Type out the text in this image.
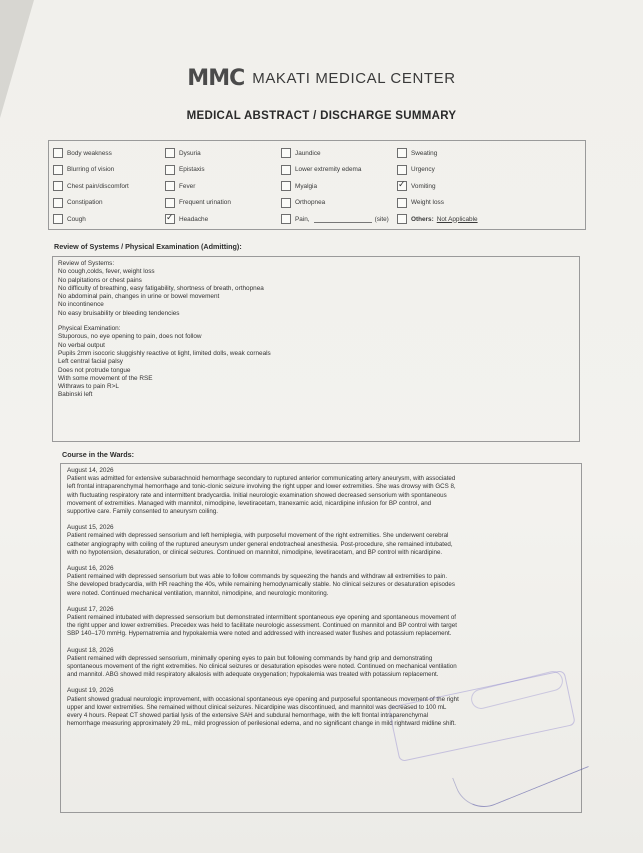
MMC MAKATI MEDICAL CENTER
MEDICAL ABSTRACT / DISCHARGE SUMMARY
Body weakness
Blurring of vision
Chest pain/discomfort
Constipation
Cough
Dysuria
Epistaxis
Fever
Frequent urination
✓
Headache
Jaundice
Lower extremity edema
Myalgia
Orthopnea
Pain,	(site)
Sweating
Urgency
✓
Vomiting
Weight loss
Others: Not Applicable
Review of Systems / Physical Examination (Admitting):
Review of Systems:
No cough,colds, fever, weight loss
No palpitations or chest pains
No difficulty of breathing, easy fatigability, shortness of breath, orthopnea
No abdominal pain, changes in urine or bowel movement
No incontinence
No easy bruisability or bleeding tendencies
Physical Examination:
Stuporous, no eye opening to pain, does not follow
No verbal output
Pupils 2mm isocoric sluggishly reactive ot light, limited dolls, weak corneals
Left central facial palsy
Does not protrude tongue
With some movement of the RSE
Withraws to pain R>L
Babinski left
Course in the Wards:
August 14, 2026
Patient was admitted for extensive subarachnoid hemorrhage secondary to ruptured anterior communicating artery aneurysm, with associated
left frontal intraparenchymal hemorrhage and tonic-clonic seizure involving the right upper and lower extremities. She was drowsy with GCS 8,
with fluctuating respiratory rate and intermittent bradycardia. Initial neurologic examination showed decreased sensorium with spontaneous
movement of extremities. Managed with mannitol, nimodipine, levetiracetam, tranexamic acid, nicardipine infusion for BP control, and
supportive care. Family consented to aneurysm coiling.
August 15, 2026
Patient remained with depressed sensorium and left hemiplegia, with purposeful movement of the right extremities. She underwent cerebral
catheter angiography with coiling of the ruptured aneurysm under general endotracheal anesthesia. Post-procedure, she remained intubated,
with no hypotension, desaturation, or clinical seizures. Continued on mannitol, nimodipine, levetiracetam, and BP control with nicardipine.
August 16, 2026
Patient remained with depressed sensorium but was able to follow commands by squeezing the hands and withdraw all extremities to pain.
She developed bradycardia, with HR reaching the 40s, while remaining hemodynamically stable. No clinical seizures or desaturation episodes
were noted. Continued mechanical ventilation, mannitol, nimodipine, and neurologic monitoring.
August 17, 2026
Patient remained intubated with depressed sensorium but demonstrated intermittent spontaneous eye opening and spontaneous movement of
the right upper and lower extremities. Precedex was held to facilitate neurologic assessment. Continued on mannitol and BP control with target
SBP 140–170 mmHg. Hypernatremia and hypokalemia were noted and addressed with increased water flushes and potassium replacement.
August 18, 2026
Patient remained with depressed sensorium, minimally opening eyes to pain but following commands by hand grip and demonstrating
spontaneous movement of the right extremities. No clinical seizures or desaturation episodes were noted. Continued on mechanical ventilation
and mannitol. ABG showed mild respiratory alkalosis with adequate oxygenation; hypokalemia was treated with potassium replacement.
August 19, 2026
Patient showed gradual neurologic improvement, with occasional spontaneous eye opening and purposeful spontaneous movement of the right
upper and lower extremities. She remained without clinical seizures. Nicardipine was discontinued, and mannitol was decreased to 100 mL
every 4 hours. Repeat CT showed partial lysis of the extensive SAH and subdural hemorrhage, with the left frontal intraparenchymal
hemorrhage measuring approximately 29 mL, mild progression of perilesional edema, and no significant change in mild rightward midline shift.
